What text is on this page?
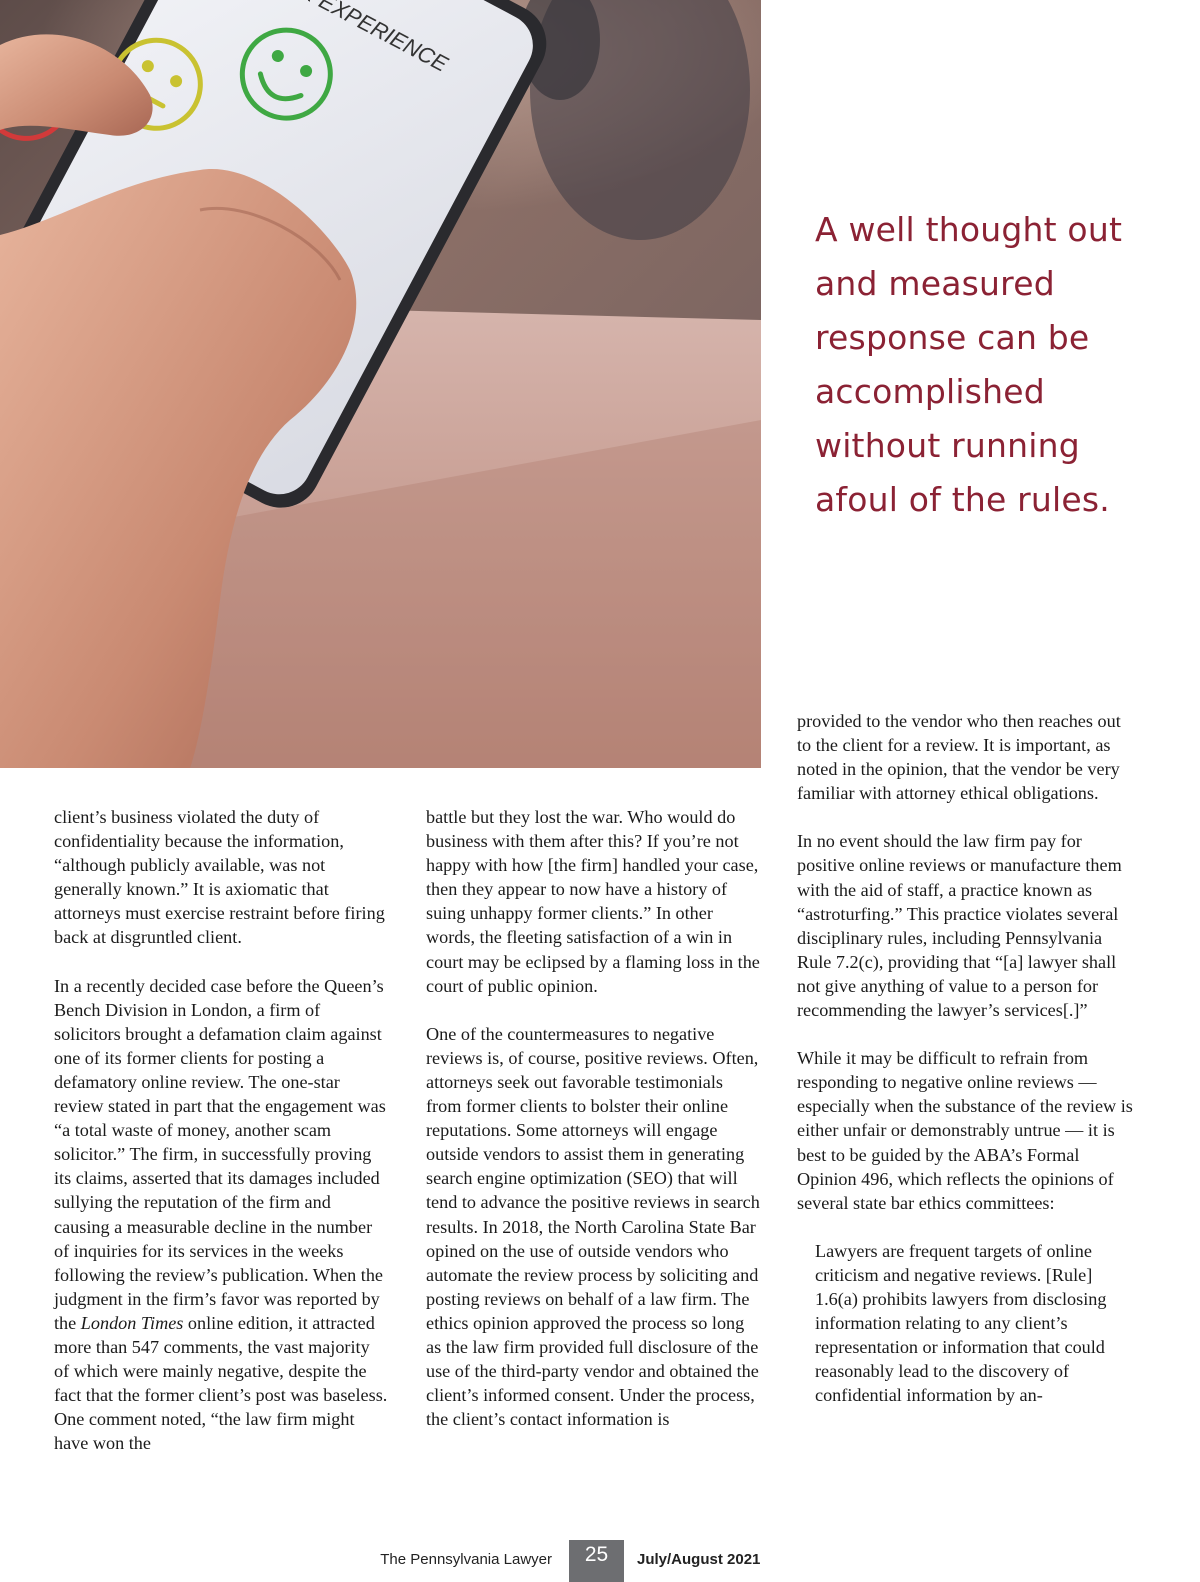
A well thought out and measured response can be accomplished without running afoul of the rules.

client’s business violated the duty of confidentiality because the information, “although publicly available, was not generally known.” It is axiomatic that attorneys must exercise restraint before firing back at disgruntled client.

In a recently decided case before the Queen’s Bench Division in London, a firm of solicitors brought a defamation claim against one of its former clients for posting a defamatory online review. The one-star review stated in part that the engagement was “a total waste of money, another scam solicitor.” The firm, in successfully proving its claims, asserted that its damages included sullying the reputation of the firm and causing a measurable decline in the number of inquiries for its services in the weeks following the review’s publication. When the judgment in the firm’s favor was reported by the London Times online edition, it attracted more than 547 comments, the vast majority of which were mainly negative, despite the fact that the former client’s post was baseless. One comment noted, “the law firm might have won the

battle but they lost the war. Who would do business with them after this? If you’re not happy with how [the firm] handled your case, then they appear to now have a history of suing unhappy former clients.” In other words, the fleeting satisfaction of a win in court may be eclipsed by a flaming loss in the court of public opinion.

One of the countermeasures to negative reviews is, of course, positive reviews. Often, attorneys seek out favorable testimonials from former clients to bolster their online reputations. Some attorneys will engage outside vendors to assist them in generating search engine optimization (SEO) that will tend to advance the positive reviews in search results. In 2018, the North Carolina State Bar opined on the use of outside vendors who automate the review process by soliciting and posting reviews on behalf of a law firm. The ethics opinion approved the process so long as the law firm provided full disclosure of the use of the third-party vendor and obtained the client’s informed consent. Under the process, the client’s contact information is

provided to the vendor who then reaches out to the client for a review. It is important, as noted in the opinion, that the vendor be very familiar with attorney ethical obligations.

In no event should the law firm pay for positive online reviews or manufacture them with the aid of staff, a practice known as “astroturfing.” This practice violates several disciplinary rules, including Pennsylvania Rule 7.2(c), providing that “[a] lawyer shall not give anything of value to a person for recommending the lawyer’s services[.]”

While it may be difficult to refrain from responding to negative online reviews — especially when the substance of the review is either unfair or demonstrably untrue — it is best to be guided by the ABA’s Formal Opinion 496, which reflects the opinions of several state bar ethics committees:

Lawyers are frequent targets of online criticism and negative reviews. [Rule] 1.6(a) prohibits lawyers from disclosing information relating to any client’s representation or information that could reasonably lead to the discovery of confidential information by an-
The Pennsylvania Lawyer	25	July/August 2021
